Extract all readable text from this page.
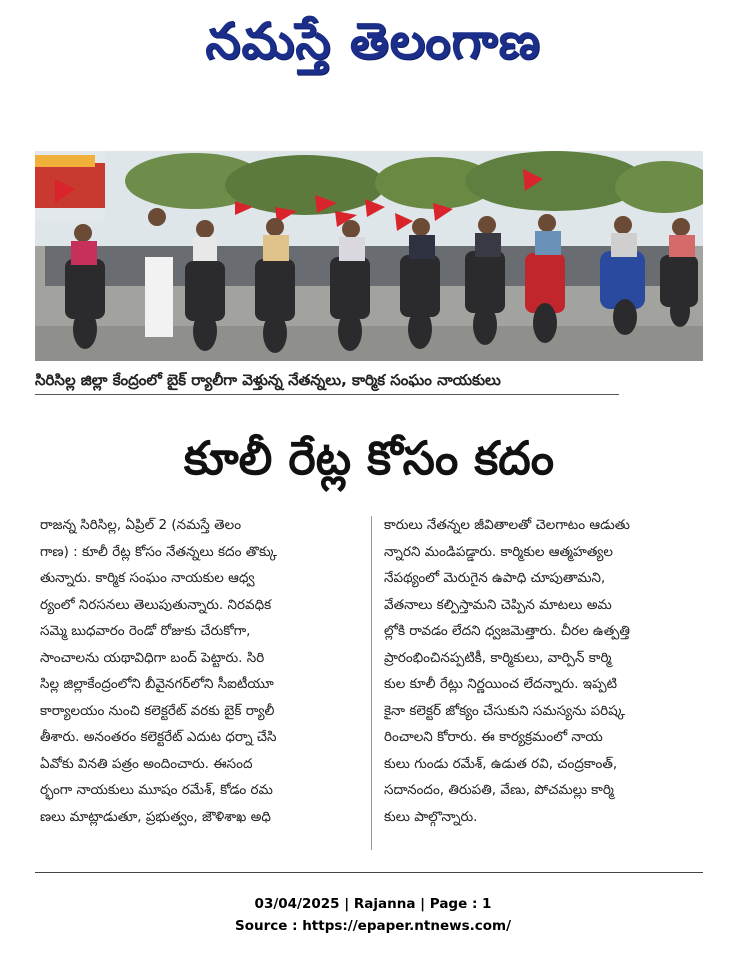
నమస్తే తెలంగాణ
సిరిసిల్ల జిల్లా కేంద్రంలో బైక్ ర్యాలీగా వెళ్తున్న నేతన్నలు, కార్మిక సంఘం నాయకులు
కూలీ రేట్ల కోసం కదం
రాజన్న సిరిసిల్ల, ఏప్రిల్ 2 (నమస్తే తెలం
గాణ) : కూలీ రేట్ల కోసం నేతన్నలు కదం తొక్కు
తున్నారు. కార్మిక సంఘం నాయకుల ఆధ్వ
ర్యంలో నిరసనలు తెలుపుతున్నారు. నిరవధిక
సమ్మె బుధవారం రెండో రోజుకు చేరుకోగా,
సాంచాలను యథావిధిగా బంద్ పెట్టారు. సిరి
సిల్ల జిల్లాకేంద్రంలోని బీవైనగర్‌లోని సీఐటీయూ
కార్యాలయం నుంచి కలెక్టరేట్ వరకు బైక్ ర్యాలీ
తీశారు. అనంతరం కలెక్టరేట్ ఎదుట ధర్నా చేసి
ఏవోకు వినతి పత్రం అందించారు. ఈసంద
ర్భంగా నాయకులు మూషం రమేశ్, కోడం రమ
ణలు మాట్లాడుతూ, ప్రభుత్వం, జౌళిశాఖ అధి
కారులు నేతన్నల జీవితాలతో చెలగాటం ఆడుతు
న్నారని మండిపడ్డారు. కార్మికుల ఆత్మహత్యల
నేపథ్యంలో మెరుగైన ఉపాధి చూపుతామని,
వేతనాలు కల్పిస్తామని చెప్పిన మాటలు అమ
ల్లోకి రావడం లేదని ధ్వజమెత్తారు. చీరల ఉత్పత్తి
ప్రారంభించినప్పటికీ, కార్మికులు, వార్పిన్ కార్మి
కుల కూలీ రేట్లు నిర్ణయించ లేదన్నారు. ఇప్పటి
కైనా కలెక్టర్ జోక్యం చేసుకుని సమస్యను పరిష్క
రించాలని కోరారు. ఈ కార్యక్రమంలో నాయ
కులు గుండు రమేశ్, ఉడుత రవి, చంద్రకాంత్,
సదానందం, తిరుపతి, వేణు, పోచమల్లు కార్మి
కులు పాల్గొన్నారు.
03/04/2025 | Rajanna | Page : 1
Source : https://epaper.ntnews.com/
